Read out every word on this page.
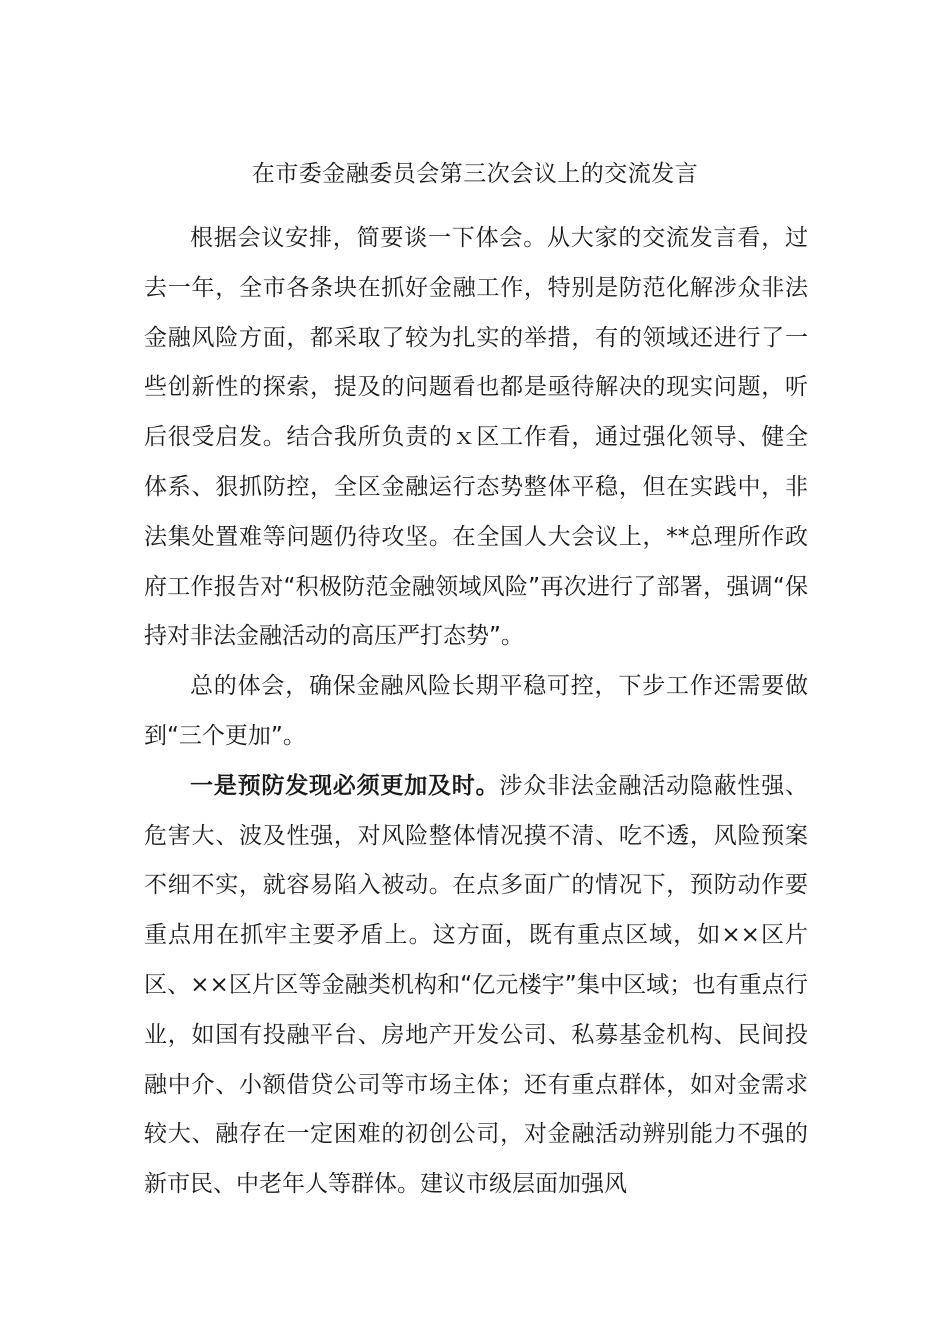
在市委金融委员会第三次会议上的交流发言

根据会议安排，简要谈一下体会。从大家的交流发言看，过去一年，全市各条块在抓好金融工作，特别是防范化解涉众非法金融风险方面，都采取了较为扎实的举措，有的领域还进行了一些创新性的探索，提及的问题看也都是亟待解决的现实问题，听后很受启发。结合我所负责的ｘ区工作看，通过强化领导、健全体系、狠抓防控，全区金融运行态势整体平稳，但在实践中，非法集处置难等问题仍待攻坚。在全国人大会议上，**总理所作政府工作报告对“积极防范金融领域风险”再次进行了部署，强调“保持对非法金融活动的高压严打态势”。

总的体会，确保金融风险长期平稳可控，下步工作还需要做到“三个更加”。

一是预防发现必须更加及时。涉众非法金融活动隐蔽性强、危害大、波及性强，对风险整体情况摸不清、吃不透，风险预案不细不实，就容易陷入被动。在点多面广的情况下，预防动作要重点用在抓牢主要矛盾上。这方面，既有重点区域，如××区片区、××区片区等金融类机构和“亿元楼宇”集中区域；也有重点行业，如国有投融平台、房地产开发公司、私募基金机构、民间投融中介、小额借贷公司等市场主体；还有重点群体，如对金需求较大、融存在一定困难的初创公司，对金融活动辨别能力不强的新市民、中老年人等群体。建议市级层面加强风
